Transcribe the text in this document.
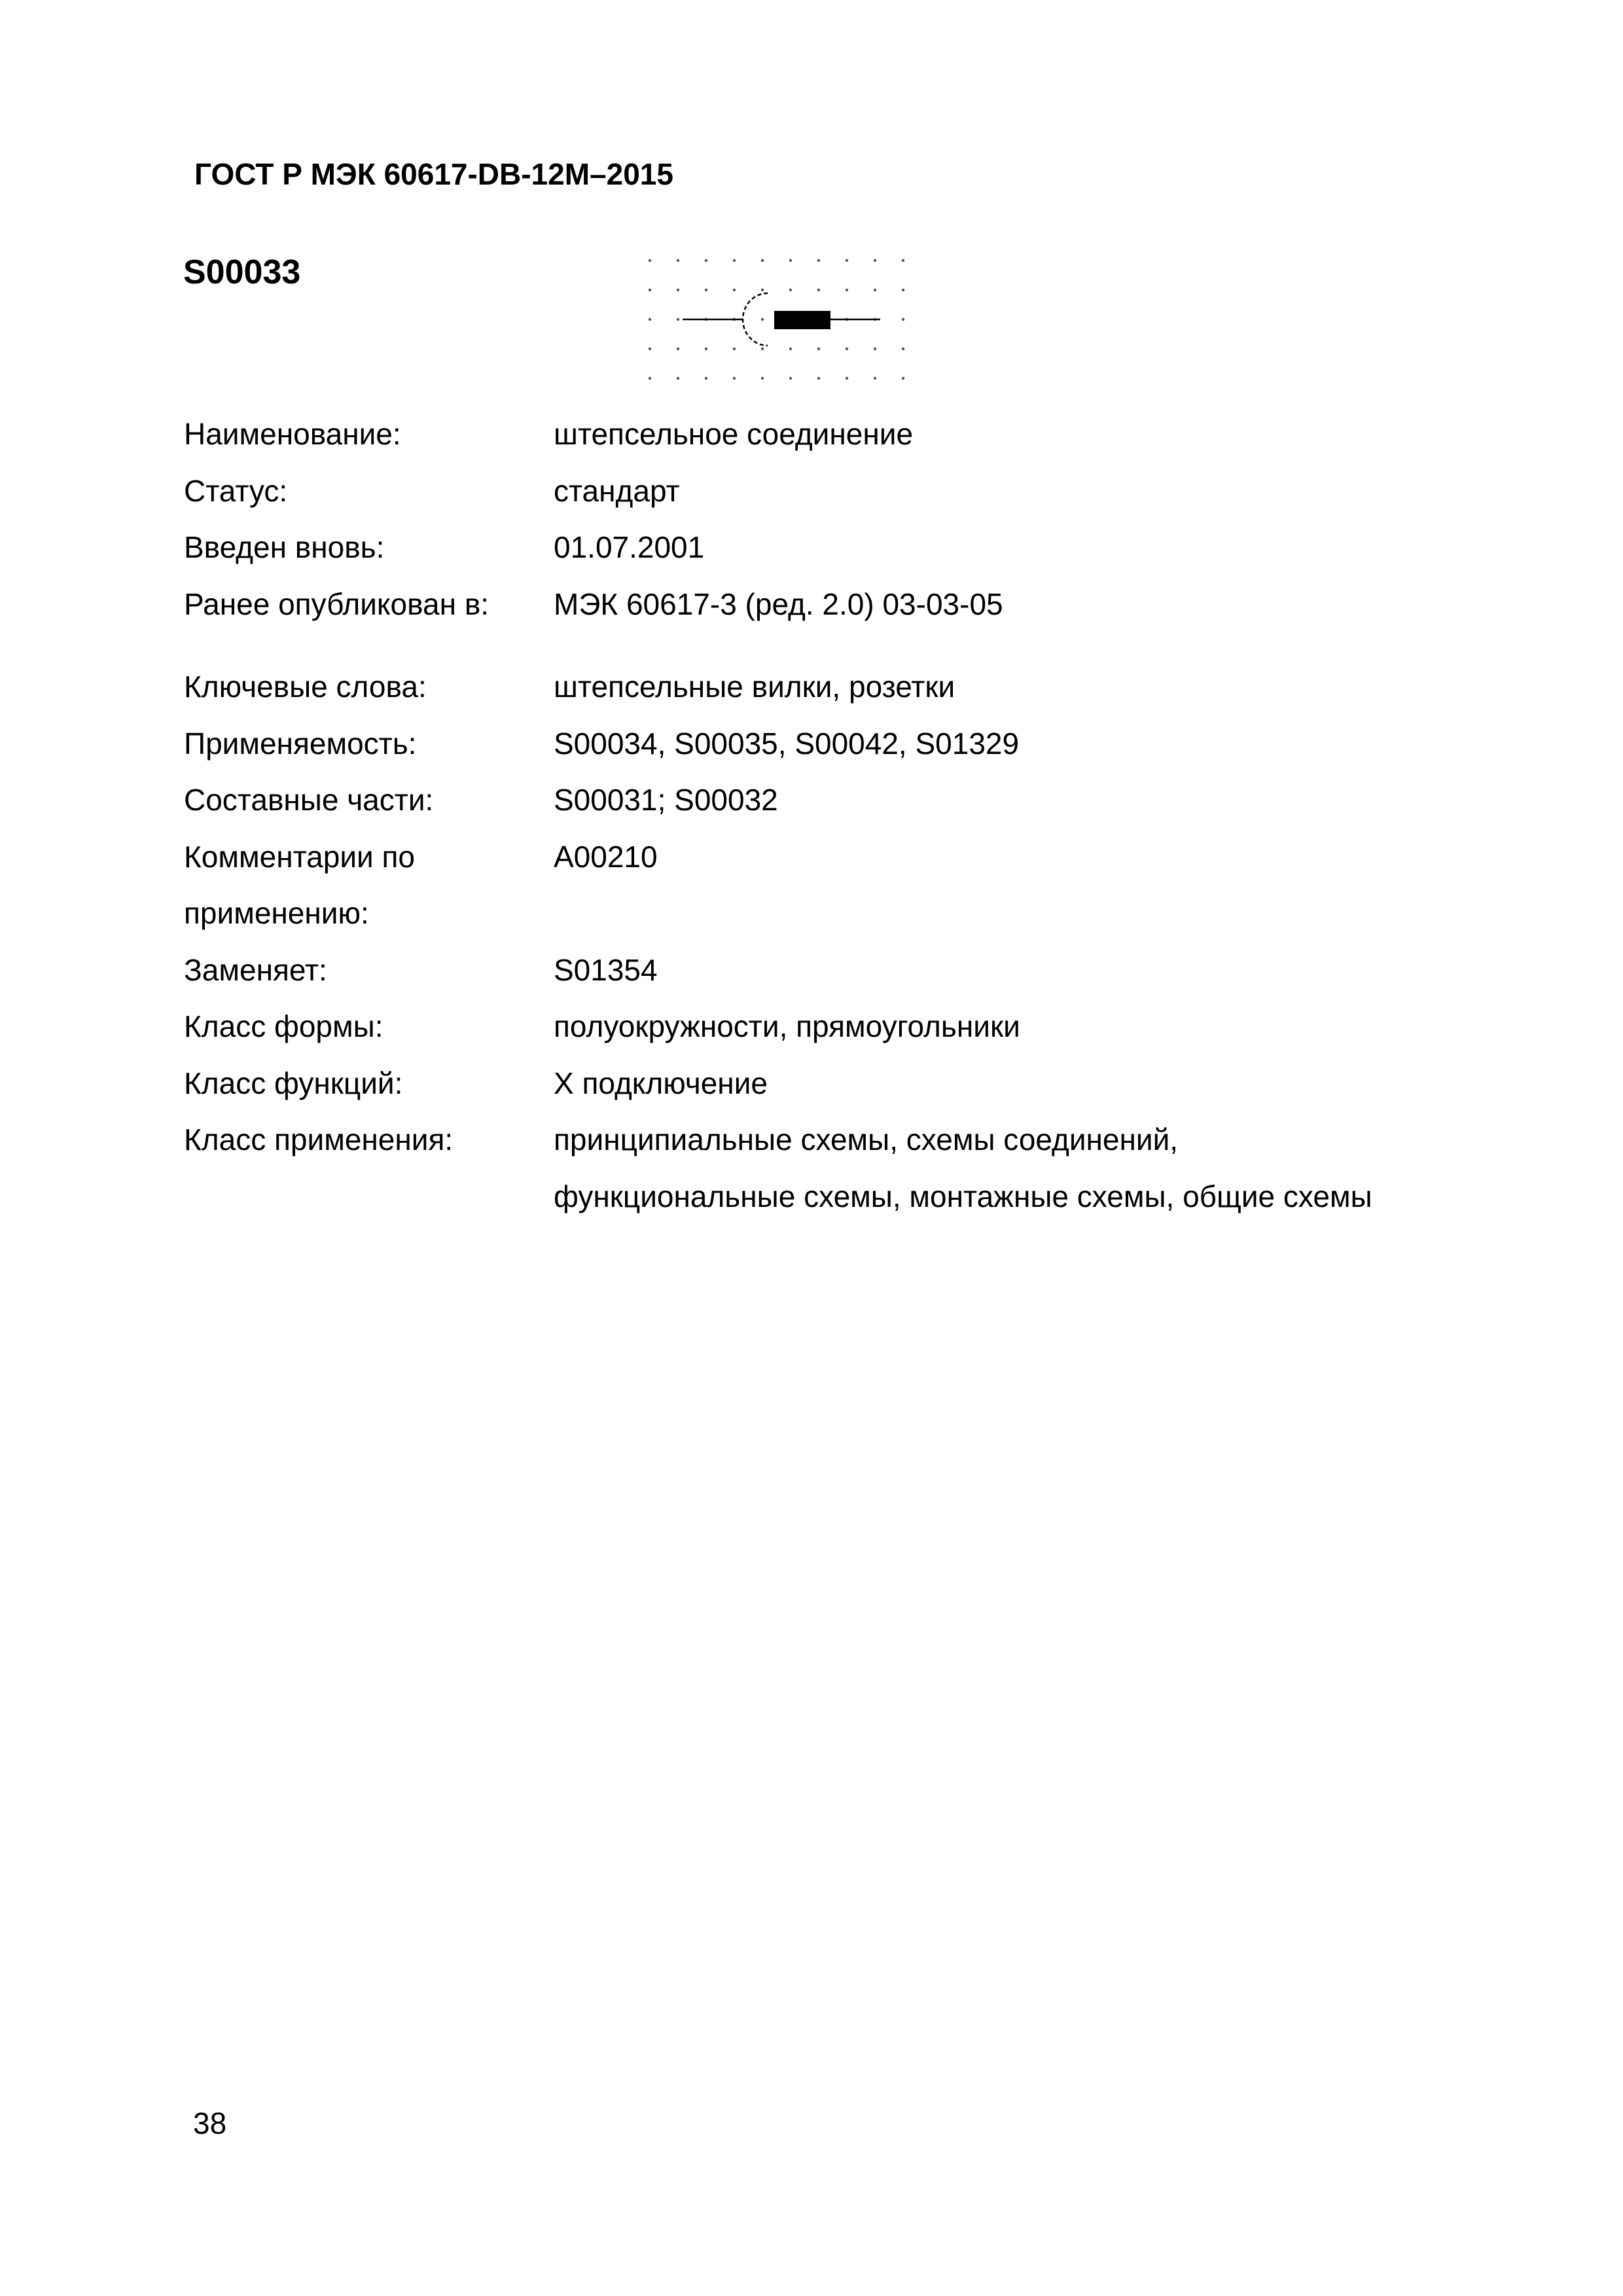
ГОСТ Р МЭК 60617-DB-12M–2015
S00033
Наименование:	штепсельное соединение
Статус:	стандарт
Введен вновь:	01.07.2001
Ранее опубликован в:	МЭК 60617-3 (ред. 2.0) 03-03-05
Ключевые слова:	штепсельные вилки, розетки
Применяемость:	S00034, S00035, S00042, S01329
Составные части:	S00031; S00032
Комментарии по применению:
A00210
Заменяет:	S01354
Класс формы:	полуокружности, прямоугольники
Класс функций:	X подключение
Класс применения:	принципиальные схемы, схемы соединений, функциональные схемы, монтажные схемы, общие схемы
38
